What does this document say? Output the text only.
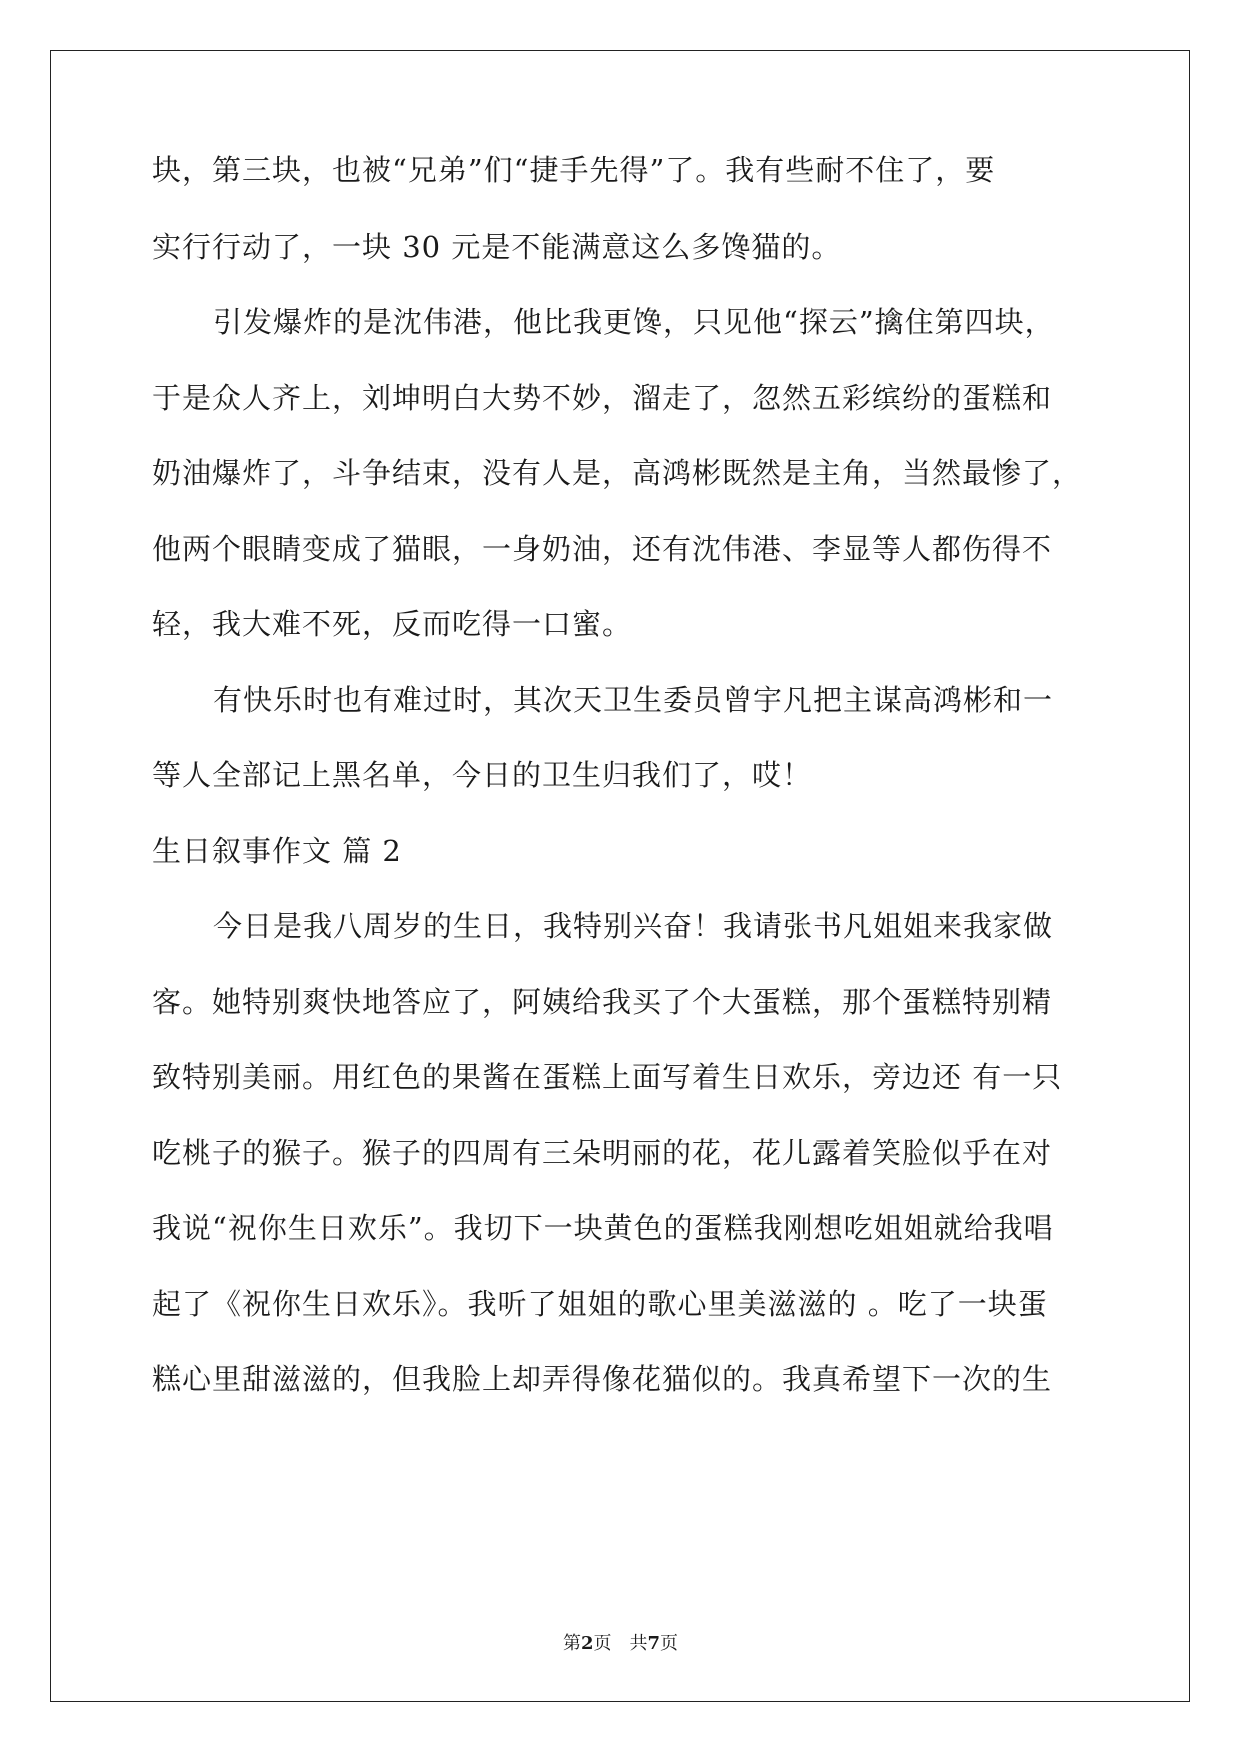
块，第三块，也被“兄弟”们“捷手先得”了。我有些耐不住了，要
实行行动了，一块 30 元是不能满意这么多馋猫的。
引发爆炸的是沈伟港，他比我更馋，只见他“探云”擒住第四块，
于是众人齐上，刘坤明白大势不妙，溜走了，忽然五彩缤纷的蛋糕和
奶油爆炸了，斗争结束，没有人是，高鸿彬既然是主角，当然最惨了，
他两个眼睛变成了猫眼，一身奶油，还有沈伟港、李显等人都伤得不
轻，我大难不死，反而吃得一口蜜。
有快乐时也有难过时，其次天卫生委员曾宇凡把主谋高鸿彬和一
等人全部记上黑名单，今日的卫生归我们了，哎！
生日叙事作文 篇 2
今日是我八周岁的生日，我特别兴奋！我请张书凡姐姐来我家做
客。她特别爽快地答应了，阿姨给我买了个大蛋糕，那个蛋糕特别精
致特别美丽。用红色的果酱在蛋糕上面写着生日欢乐，旁边还 有一只
吃桃子的猴子。猴子的四周有三朵明丽的花，花儿露着笑脸似乎在对
我说“祝你生日欢乐”。我切下一块黄色的蛋糕我刚想吃姐姐就给我唱
起了《祝你生日欢乐》。我听了姐姐的歌心里美滋滋的 。吃了一块蛋
糕心里甜滋滋的，但我脸上却弄得像花猫似的。我真希望下一次的生
第2页 共7页
